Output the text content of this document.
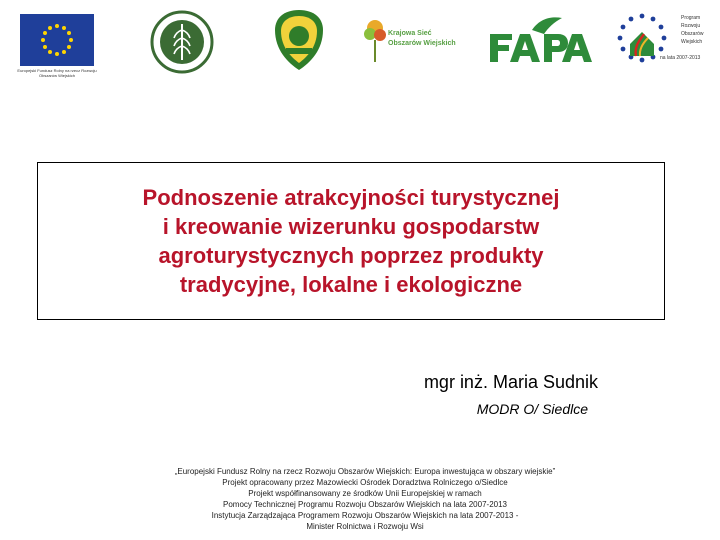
Europejski Fundusz Rolny na rzecz Rozwoju Obszarów Wiejskich
Krajowa Sieć
Obszarów Wiejskich
Program
Rozwoju
Obszarów
Wiejskich
na lata 2007-2013
Podnoszenie atrakcyjności turystycznej
i kreowanie wizerunku gospodarstw
agroturystycznych poprzez produkty
tradycyjne, lokalne i ekologiczne
mgr inż. Maria Sudnik
MODR O/ Siedlce
„Europejski Fundusz Rolny na rzecz Rozwoju Obszarów Wiejskich: Europa inwestująca w obszary wiejskie”
Projekt opracowany przez Mazowiecki Ośrodek Doradztwa Rolniczego o/Siedlce
Projekt współfinansowany ze środków Unii Europejskiej w ramach
Pomocy Technicznej Programu Rozwoju Obszarów Wiejskich na lata 2007-2013
Instytucja Zarządzająca Programem Rozwoju Obszarów Wiejskich na lata 2007-2013 -
Minister Rolnictwa i Rozwoju Wsi
